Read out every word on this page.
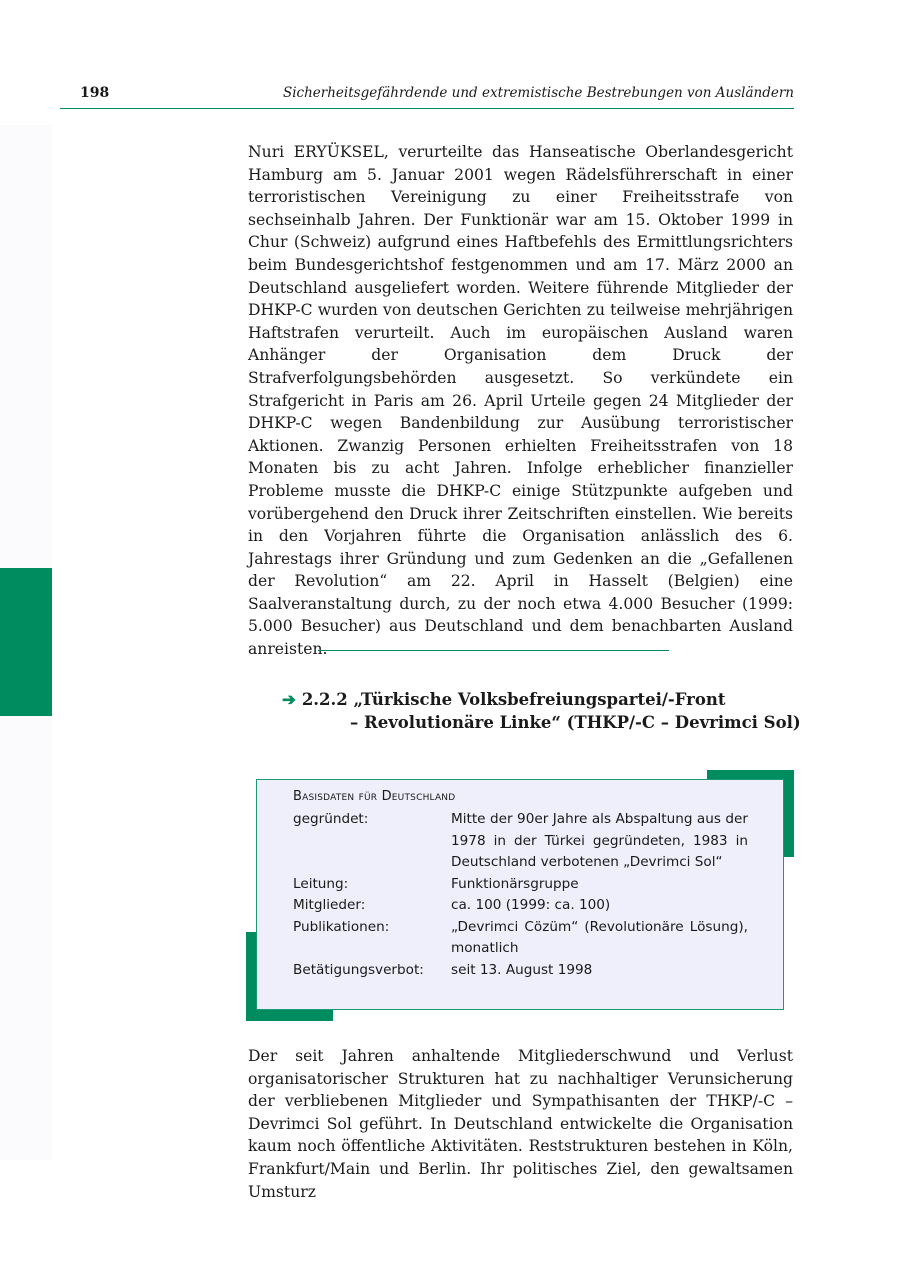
198	Sicherheitsgefährdende und extremistische Bestrebungen von Ausländern

Nuri ERYÜKSEL, verurteilte das Hanseatische Oberlandesgericht Hamburg am 5. Januar 2001 wegen Rädelsführerschaft in einer terroristischen Vereinigung zu einer Freiheitsstrafe von sechseinhalb Jahren. Der Funktionär war am 15. Oktober 1999 in Chur (Schweiz) aufgrund eines Haftbefehls des Ermittlungsrichters beim Bundesgerichtshof festgenommen und am 17. März 2000 an Deutschland ausgeliefert worden. Weitere führende Mitglieder der DHKP-C wurden von deutschen Gerichten zu teilweise mehrjährigen Haftstrafen verurteilt. Auch im europäischen Ausland waren Anhänger der Organisation dem Druck der Strafverfolgungsbehörden ausgesetzt. So verkündete ein Strafgericht in Paris am 26. April Urteile gegen 24 Mitglieder der DHKP-C wegen Bandenbildung zur Ausübung terroristischer Aktionen. Zwanzig Personen erhielten Freiheitsstrafen von 18 Monaten bis zu acht Jahren. Infolge erheblicher finanzieller Probleme musste die DHKP-C einige Stützpunkte aufgeben und vorübergehend den Druck ihrer Zeitschriften einstellen. Wie bereits in den Vorjahren führte die Organisation anlässlich des 6. Jahrestags ihrer Gründung und zum Gedenken an die „Gefallenen der Revolution“ am 22. April in Hasselt (Belgien) eine Saalveranstaltung durch, zu der noch etwa 4.000 Besucher (1999: 5.000 Besucher) aus Deutschland und dem benachbarten Ausland anreisten.

➔ 2.2.2 „Türkische Volksbefreiungspartei/-Front
– Revolutionäre Linke“ (THKP/-C – Devrimci Sol)
Basisdaten für Deutschland
gegründet:	Mitte der 90er Jahre als Abspaltung aus der 1978 in der Türkei gegründeten, 1983 in Deutschland verbotenen „Devrimci Sol“
Leitung:	Funktionärsgruppe
Mitglieder:	ca. 100 (1999: ca. 100)
Publikationen:	„Devrimci Cözüm“ (Revolutionäre Lösung), monatlich
Betätigungsverbot:	seit 13. August 1998

Der seit Jahren anhaltende Mitgliederschwund und Verlust organisatorischer Strukturen hat zu nachhaltiger Verunsicherung der verbliebenen Mitglieder und Sympathisanten der THKP/-C – Devrimci Sol geführt. In Deutschland entwickelte die Organisation kaum noch öffentliche Aktivitäten. Reststrukturen bestehen in Köln, Frankfurt/Main und Berlin. Ihr politisches Ziel, den gewaltsamen Umsturz
